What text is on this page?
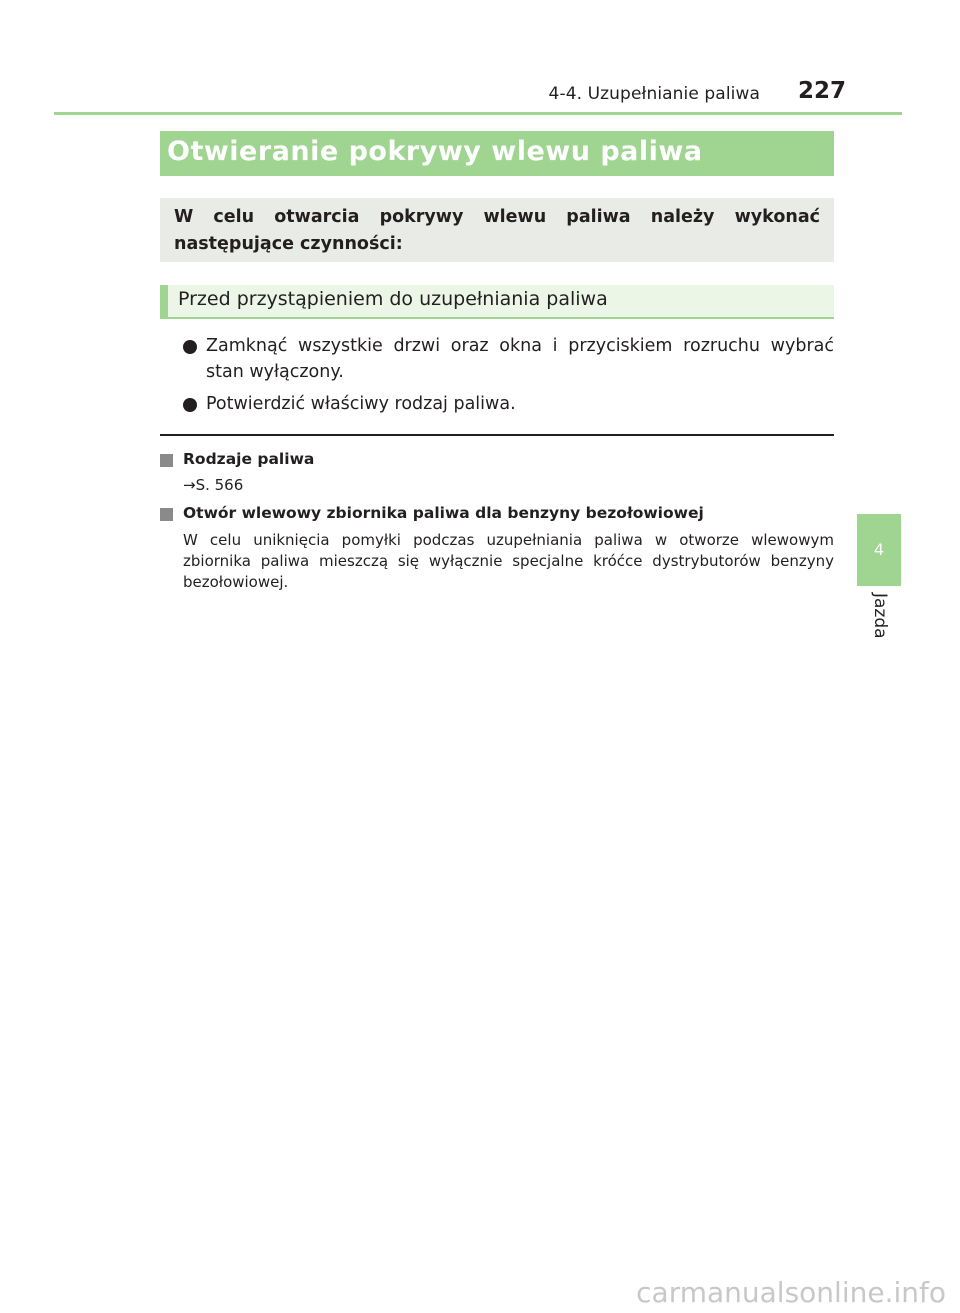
4-4. Uzupełnianie paliwa 227
Otwieranie pokrywy wlewu paliwa
W celu otwarcia pokrywy wlewu paliwa należy wykonać następujące czynności:
Przed przystąpieniem do uzupełniania paliwa
Zamknąć wszystkie drzwi oraz okna i przyciskiem rozruchu wybrać stan wyłączony.
Potwierdzić właściwy rodzaj paliwa.
Rodzaje paliwa
→S. 566
Otwór wlewowy zbiornika paliwa dla benzyny bezołowiowej
W celu uniknięcia pomyłki podczas uzupełniania paliwa w otworze wlewowym zbiornika paliwa mieszczą się wyłącznie specjalne króćce dystrybutorów benzyny bezołowiowej.
4
Jazda
carmanualsonline.info
